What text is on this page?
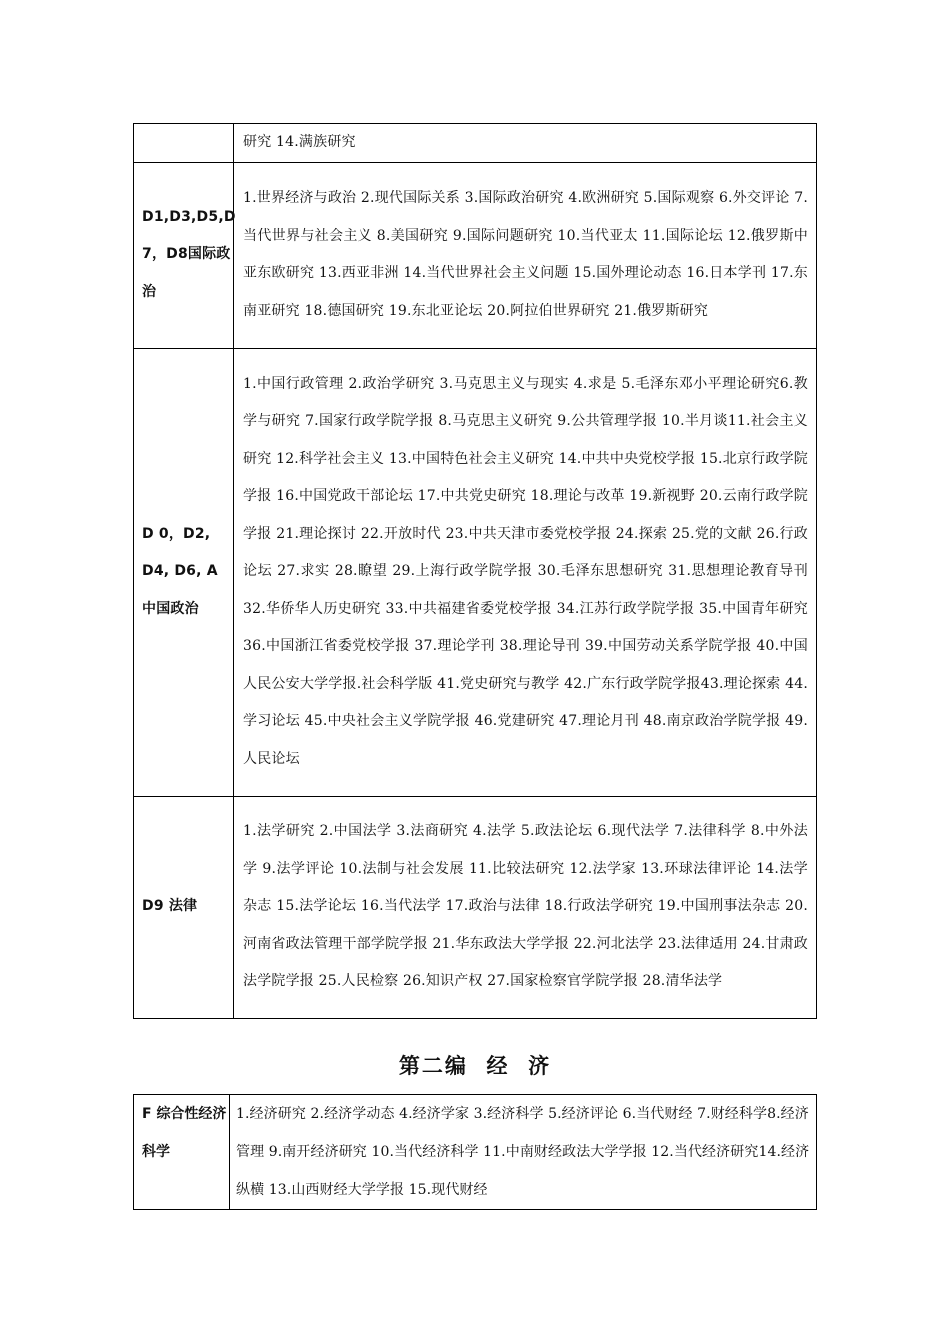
	研究 14.满族研究
D1,D3,D5,D 7，D8国际政治	1.世界经济与政治 2.现代国际关系 3.国际政治研究 4.欧洲研究 5.国际观察 6.外交评论 7.当代世界与社会主义 8.美国研究 9.国际问题研究 10.当代亚太 11.国际论坛 12.俄罗斯中亚东欧研究 13.西亚非洲 14.当代世界社会主义问题 15.国外理论动态 16.日本学刊 17.东南亚研究 18.德国研究 19.东北亚论坛 20.阿拉伯世界研究 21.俄罗斯研究
D 0，D2, D4, D6, A 中国政治	1.中国行政管理 2.政治学研究 3.马克思主义与现实 4.求是 5.毛泽东邓小平理论研究6.教学与研究 7.国家行政学院学报 8.马克思主义研究 9.公共管理学报 10.半月谈11.社会主义研究 12.科学社会主义 13.中国特色社会主义研究 14.中共中央党校学报 15.北京行政学院学报 16.中国党政干部论坛 17.中共党史研究 18.理论与改革 19.新视野 20.云南行政学院学报 21.理论探讨 22.开放时代 23.中共天津市委党校学报 24.探索 25.党的文献 26.行政论坛 27.求实 28.瞭望 29.上海行政学院学报 30.毛泽东思想研究 31.思想理论教育导刊 32.华侨华人历史研究 33.中共福建省委党校学报 34.江苏行政学院学报 35.中国青年研究 36.中国浙江省委党校学报 37.理论学刊 38.理论导刊 39.中国劳动关系学院学报 40.中国人民公安大学学报.社会科学版 41.党史研究与教学 42.广东行政学院学报43.理论探索 44.学习论坛 45.中央社会主义学院学报 46.党建研究 47.理论月刊 48.南京政治学院学报 49.人民论坛
D9 法律	1.法学研究 2.中国法学 3.法商研究 4.法学 5.政法论坛 6.现代法学 7.法律科学 8.中外法学 9.法学评论 10.法制与社会发展 11.比较法研究 12.法学家 13.环球法律评论 14.法学杂志 15.法学论坛 16.当代法学 17.政治与法律 18.行政法学研究 19.中国刑事法杂志 20.河南省政法管理干部学院学报 21.华东政法大学学报 22.河北法学 23.法律适用 24.甘肃政法学院学报 25.人民检察 26.知识产权 27.国家检察官学院学报 28.清华法学
第二编  经  济
F 综合性经济科学	1.经济研究 2.经济学动态 4.经济学家 3.经济科学 5.经济评论 6.当代财经 7.财经科学8.经济管理 9.南开经济研究 10.当代经济科学 11.中南财经政法大学学报 12.当代经济研究14.经济纵横 13.山西财经大学学报 15.现代财经
